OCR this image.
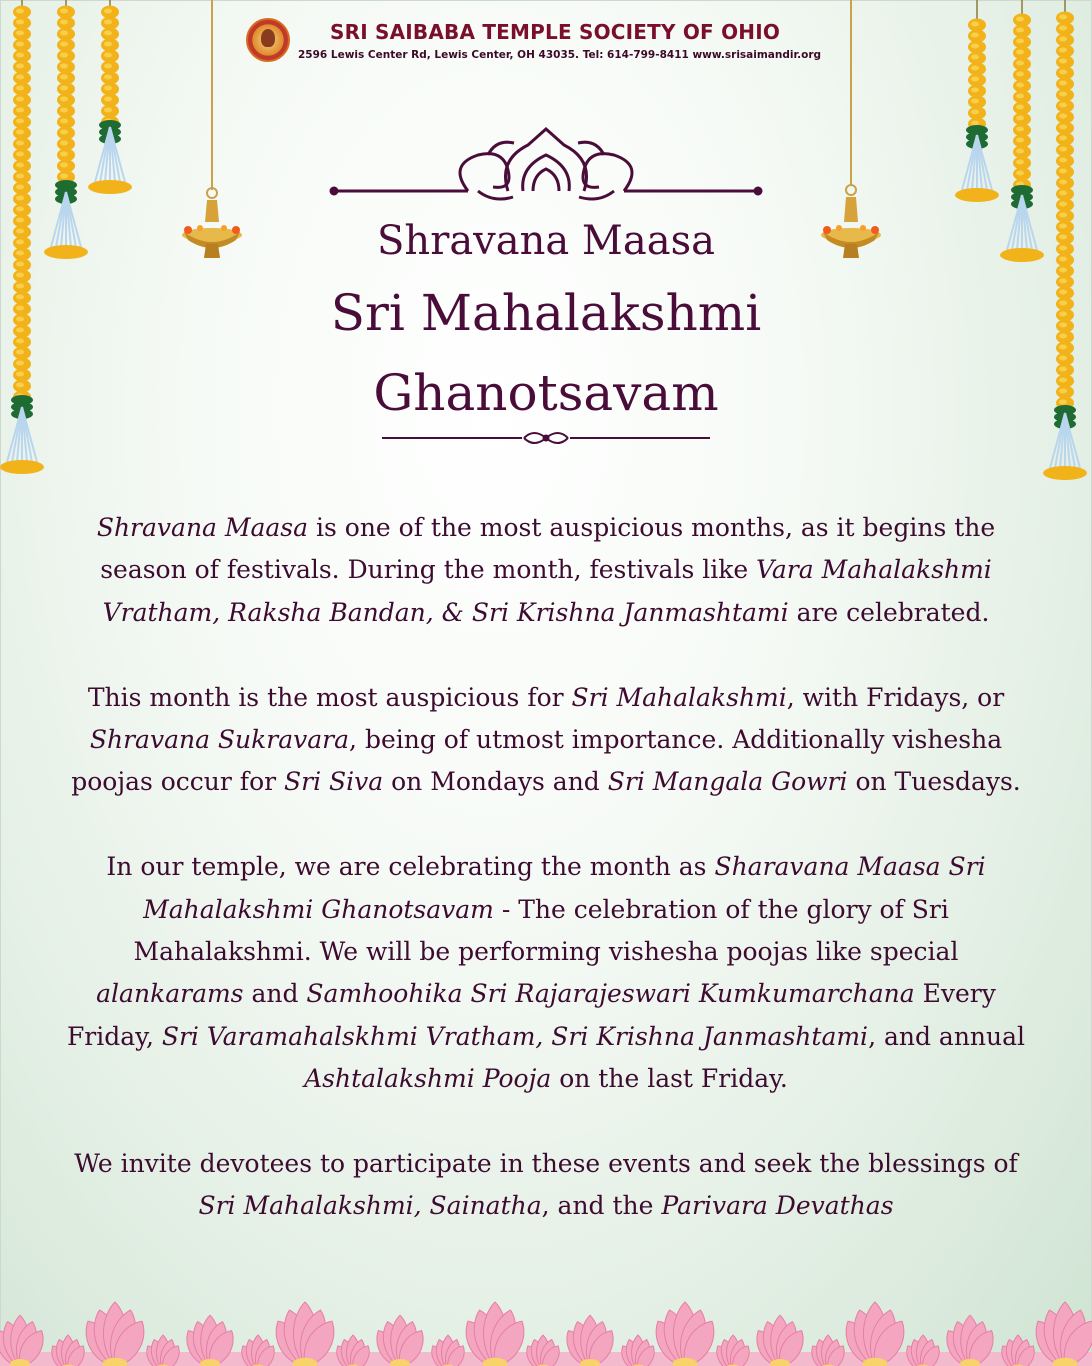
SRI SAIBABA TEMPLE SOCIETY OF OHIO
2596 Lewis Center Rd, Lewis Center, OH 43035. Tel: 614-799-8411 www.srisaimandir.org
Shravana Maasa
Sri Mahalakshmi
Ghanotsavam

Shravana Maasa is one of the most auspicious months, as it begins the season of festivals. During the month, festivals like Vara Mahalakshmi Vratham, Raksha Bandan, & Sri Krishna Janmashtami are celebrated.

This month is the most auspicious for Sri Mahalakshmi, with Fridays, or Shravana Sukravara, being of utmost importance. Additionally vishesha poojas occur for Sri Siva on Mondays and Sri Mangala Gowri on Tuesdays.

In our temple, we are celebrating the month as Sharavana Maasa Sri Mahalakshmi Ghanotsavam - The celebration of the glory of Sri Mahalakshmi. We will be performing vishesha poojas like special alankarams and Samhoohika Sri Rajarajeswari Kumkumarchana Every Friday, Sri Varamahalskhmi Vratham, Sri Krishna Janmashtami, and annual Ashtalakshmi Pooja on the last Friday.

We invite devotees to participate in these events and seek the blessings of Sri Mahalakshmi, Sainatha, and the Parivara Devathas
